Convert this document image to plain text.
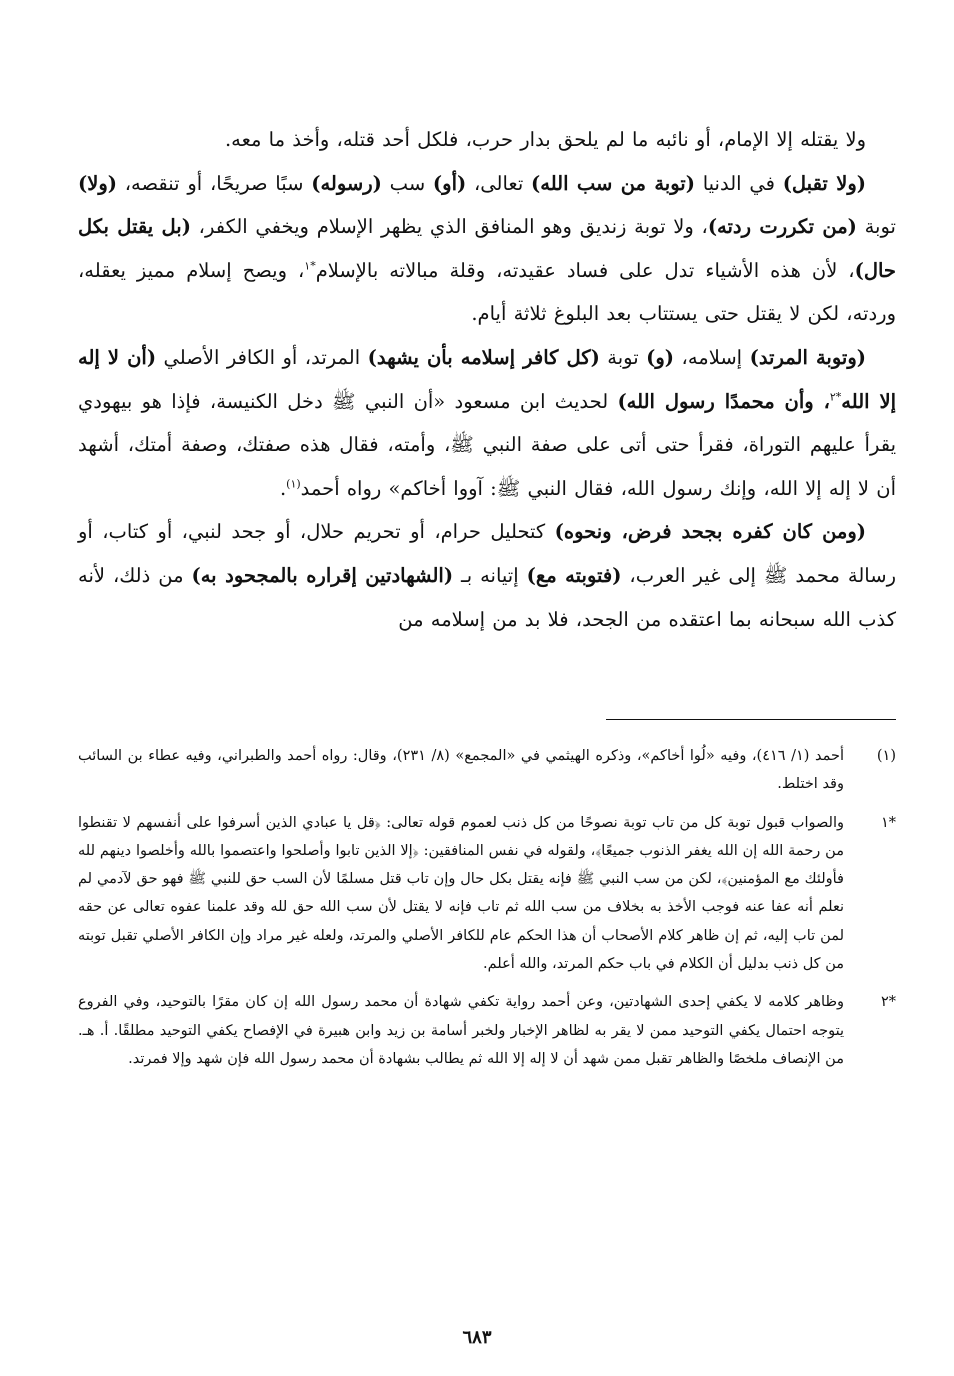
ولا يقتله إلا الإمام، أو نائبه ما لم يلحق بدار حرب، فلكل أحد قتله، وأخذ ما معه.

(ولا تقبل) في الدنيا (توبة من سب الله) تعالى، (أو) سب (رسوله) سبًا صريحًا، أو تنقصه، (ولا) توبة (من تكررت ردته)، ولا توبة زنديق وهو المنافق الذي يظهر الإسلام ويخفي الكفر، (بل يقتل بكل حال)، لأن هذه الأشياء تدل على فساد عقيدته، وقلة مبالاته بالإسلام$^{*١}$، ويصح إسلام مميز يعقله، وردته، لكن لا يقتل حتى يستتاب بعد البلوغ ثلاثة أيام.

(وتوبة المرتد) إسلامه، (و) توبة (كل كافر إسلامه بأن يشهد) المرتد، أو الكافر الأصلي (أن لا إله إلا الله$^{*٢}$، وأن محمدًا رسول الله) لحديث ابن مسعود «أن النبي ﷺ دخل الكنيسة، فإذا هو بيهودي يقرأ عليهم التوراة، فقرأ حتى أتى على صفة النبي ﷺ، وأمته، فقال هذه صفتك، وصفة أمتك، أشهد أن لا إله إلا الله، وإنك رسول الله، فقال النبي ﷺ: آووا أخاكم» رواه أحمد$^{(١)}$.

(ومن كان كفره بجحد فرض، ونحوه) كتحليل حرام، أو تحريم حلال، أو جحد لنبي، أو كتاب، أو رسالة محمد ﷺ إلى غير العرب، (فتوبته مع) إتيانه بـ (الشهادتين إقراره بالمجحود به) من ذلك، لأنه كذب الله سبحانه بما اعتقده من الجحد، فلا بد من إسلامه من

(١)
أحمد (١/ ٤١٦)، وفيه «لُوا أخاكم»، وذكره الهيثمي في «المجمع» (٨/ ٢٣١)، وقال: رواه أحمد والطبراني، وفيه عطاء بن السائب وقد اختلط.
*١
والصواب قبول توبة كل من تاب توبة نصوحًا من كل ذنب لعموم قوله تعالى: ﴿قل يا عبادي الذين أسرفوا على أنفسهم لا تقنطوا من رحمة الله إن الله يغفر الذنوب جميعًا﴾، ولقوله في نفس المنافقين: ﴿إلا الذين تابوا وأصلحوا واعتصموا بالله وأخلصوا دينهم لله فأولئك مع المؤمنين﴾، لكن من سب النبي ﷺ فإنه يقتل بكل حال وإن تاب قتل مسلمًا لأن السب حق للنبي ﷺ فهو حق لآدمي لم نعلم أنه عفا عنه فوجب الأخذ به بخلاف من سب الله ثم تاب فإنه لا يقتل لأن سب الله حق لله وقد علمنا عفوه تعالى عن حقه لمن تاب إليه، ثم إن ظاهر كلام الأصحاب أن هذا الحكم عام للكافر الأصلي والمرتد، ولعله غير مراد وإن الكافر الأصلي تقبل توبته من كل ذنب بدليل أن الكلام في باب حكم المرتد، والله أعلم.
*٢
وظاهر كلامه لا يكفي إحدى الشهادتين، وعن أحمد رواية تكفي شهادة أن محمد رسول الله إن كان مقرًا بالتوحيد، وفي الفروع يتوجه احتمال يكفي التوحيد ممن لا يقر به لظاهر الإخبار ولخبر أسامة بن زيد وابن هبيرة في الإفصاح يكفي التوحيد مطلقًا. أ. هـ. من الإنصاف ملخصًا والظاهر تقبل ممن شهد أن لا إله إلا الله ثم يطالب بشهادة أن محمد رسول الله فإن شهد وإلا فمرتد.
٦٨٣
